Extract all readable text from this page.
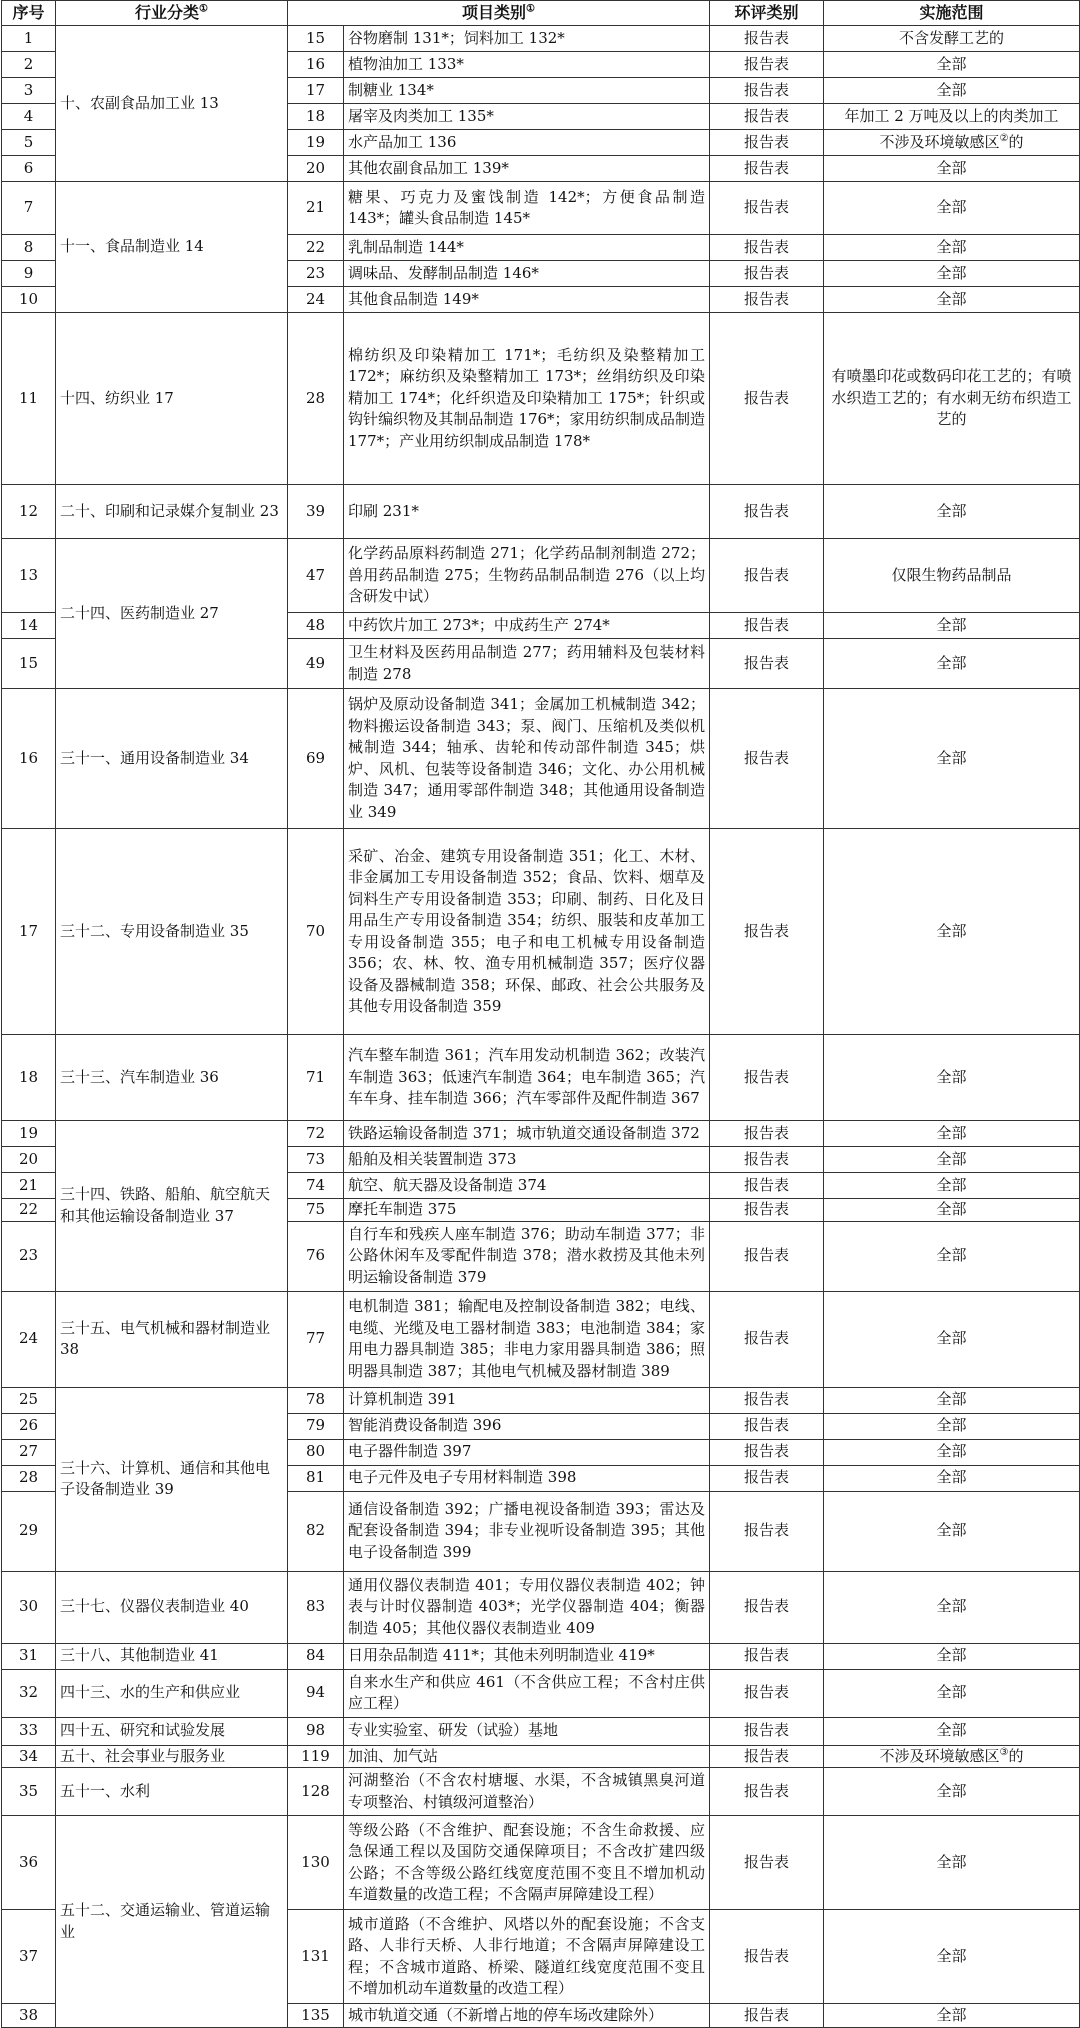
序号	行业分类①	项目类别①		环评类别	实施范围
1	十、农副食品加工业 13	15	谷物磨制 131*；饲料加工 132*	报告表	不含发酵工艺的
2		16	植物油加工 133*	报告表	全部
3		17	制糖业 134*	报告表	全部
4		18	屠宰及肉类加工 135*	报告表	年加工 2 万吨及以上的肉类加工
5		19	水产品加工 136	报告表	不涉及环境敏感区②的
6		20	其他农副食品加工 139*	报告表	全部
7	十一、食品制造业 14	21	糖果、巧克力及蜜饯制造 142*；方便食品制造 143*；罐头食品制造 145*	报告表	全部
8		22	乳制品制造 144*	报告表	全部
9		23	调味品、发酵制品制造 146*	报告表	全部
10		24	其他食品制造 149*	报告表	全部
11	十四、纺织业 17	28	棉纺织及印染精加工 171*；毛纺织及染整精加工 172*；麻纺织及染整精加工 173*；丝绢纺织及印染精加工 174*；化纤织造及印染精加工 175*；针织或钩针编织物及其制品制造 176*；家用纺织制成品制造 177*；产业用纺织制成品制造 178*	报告表	有喷墨印花或数码印花工艺的；有喷水织造工艺的；有水刺无纺布织造工艺的
12	二十、印刷和记录媒介复制业 23	39	印刷 231*	报告表	全部
13	二十四、医药制造业 27	47	化学药品原料药制造 271；化学药品制剂制造 272；兽用药品制造 275；生物药品制品制造 276（以上均含研发中试）	报告表	仅限生物药品制品
14		48	中药饮片加工 273*；中成药生产 274*	报告表	全部
15		49	卫生材料及医药用品制造 277；药用辅料及包装材料制造 278	报告表	全部
16	三十一、通用设备制造业 34	69	锅炉及原动设备制造 341；金属加工机械制造 342；物料搬运设备制造 343；泵、阀门、压缩机及类似机械制造 344；轴承、齿轮和传动部件制造 345；烘炉、风机、包装等设备制造 346；文化、办公用机械制造 347；通用零部件制造 348；其他通用设备制造业 349	报告表	全部
17	三十二、专用设备制造业 35	70	采矿、冶金、建筑专用设备制造 351；化工、木材、非金属加工专用设备制造 352；食品、饮料、烟草及饲料生产专用设备制造 353；印刷、制药、日化及日用品生产专用设备制造 354；纺织、服装和皮革加工专用设备制造 355；电子和电工机械专用设备制造 356；农、林、牧、渔专用机械制造 357；医疗仪器设备及器械制造 358；环保、邮政、社会公共服务及其他专用设备制造 359	报告表	全部
18	三十三、汽车制造业 36	71	汽车整车制造 361；汽车用发动机制造 362；改装汽车制造 363；低速汽车制造 364；电车制造 365；汽车车身、挂车制造 366；汽车零部件及配件制造 367	报告表	全部
19	三十四、铁路、船舶、航空航天和其他运输设备制造业 37	72	铁路运输设备制造 371；城市轨道交通设备制造 372	报告表	全部
20		73	船舶及相关装置制造 373	报告表	全部
21		74	航空、航天器及设备制造 374	报告表	全部
22		75	摩托车制造 375	报告表	全部
23		76	自行车和残疾人座车制造 376；助动车制造 377；非公路休闲车及零配件制造 378；潜水救捞及其他未列明运输设备制造 379	报告表	全部
24	三十五、电气机械和器材制造业 38	77	电机制造 381；输配电及控制设备制造 382；电线、电缆、光缆及电工器材制造 383；电池制造 384；家用电力器具制造 385；非电力家用器具制造 386；照明器具制造 387；其他电气机械及器材制造 389	报告表	全部
25	三十六、计算机、通信和其他电子设备制造业 39	78	计算机制造 391	报告表	全部
26		79	智能消费设备制造 396	报告表	全部
27		80	电子器件制造 397	报告表	全部
28		81	电子元件及电子专用材料制造 398	报告表	全部
29		82	通信设备制造 392；广播电视设备制造 393；雷达及配套设备制造 394；非专业视听设备制造 395；其他电子设备制造 399	报告表	全部
30	三十七、仪器仪表制造业 40	83	通用仪器仪表制造 401；专用仪器仪表制造 402；钟表与计时仪器制造 403*；光学仪器制造 404；衡器制造 405；其他仪器仪表制造业 409	报告表	全部
31	三十八、其他制造业 41	84	日用杂品制造 411*；其他未列明制造业 419*	报告表	全部
32	四十三、水的生产和供应业	94	自来水生产和供应 461（不含供应工程；不含村庄供应工程）	报告表	全部
33	四十五、研究和试验发展	98	专业实验室、研发（试验）基地	报告表	全部
34	五十、社会事业与服务业	119	加油、加气站	报告表	不涉及环境敏感区③的
35	五十一、水利	128	河湖整治（不含农村塘堰、水渠，不含城镇黑臭河道专项整治、村镇级河道整治）	报告表	全部
36	五十二、交通运输业、管道运输业	130	等级公路（不含维护、配套设施；不含生命救援、应急保通工程以及国防交通保障项目；不含改扩建四级公路；不含等级公路红线宽度范围不变且不增加机动车道数量的改造工程；不含隔声屏障建设工程）	报告表	全部
37		131	城市道路（不含维护、风塔以外的配套设施；不含支路、人非行天桥、人非行地道；不含隔声屏障建设工程；不含城市道路、桥梁、隧道红线宽度范围不变且不增加机动车道数量的改造工程）	报告表	全部
38		135	城市轨道交通（不新增占地的停车场改建除外）	报告表	全部
